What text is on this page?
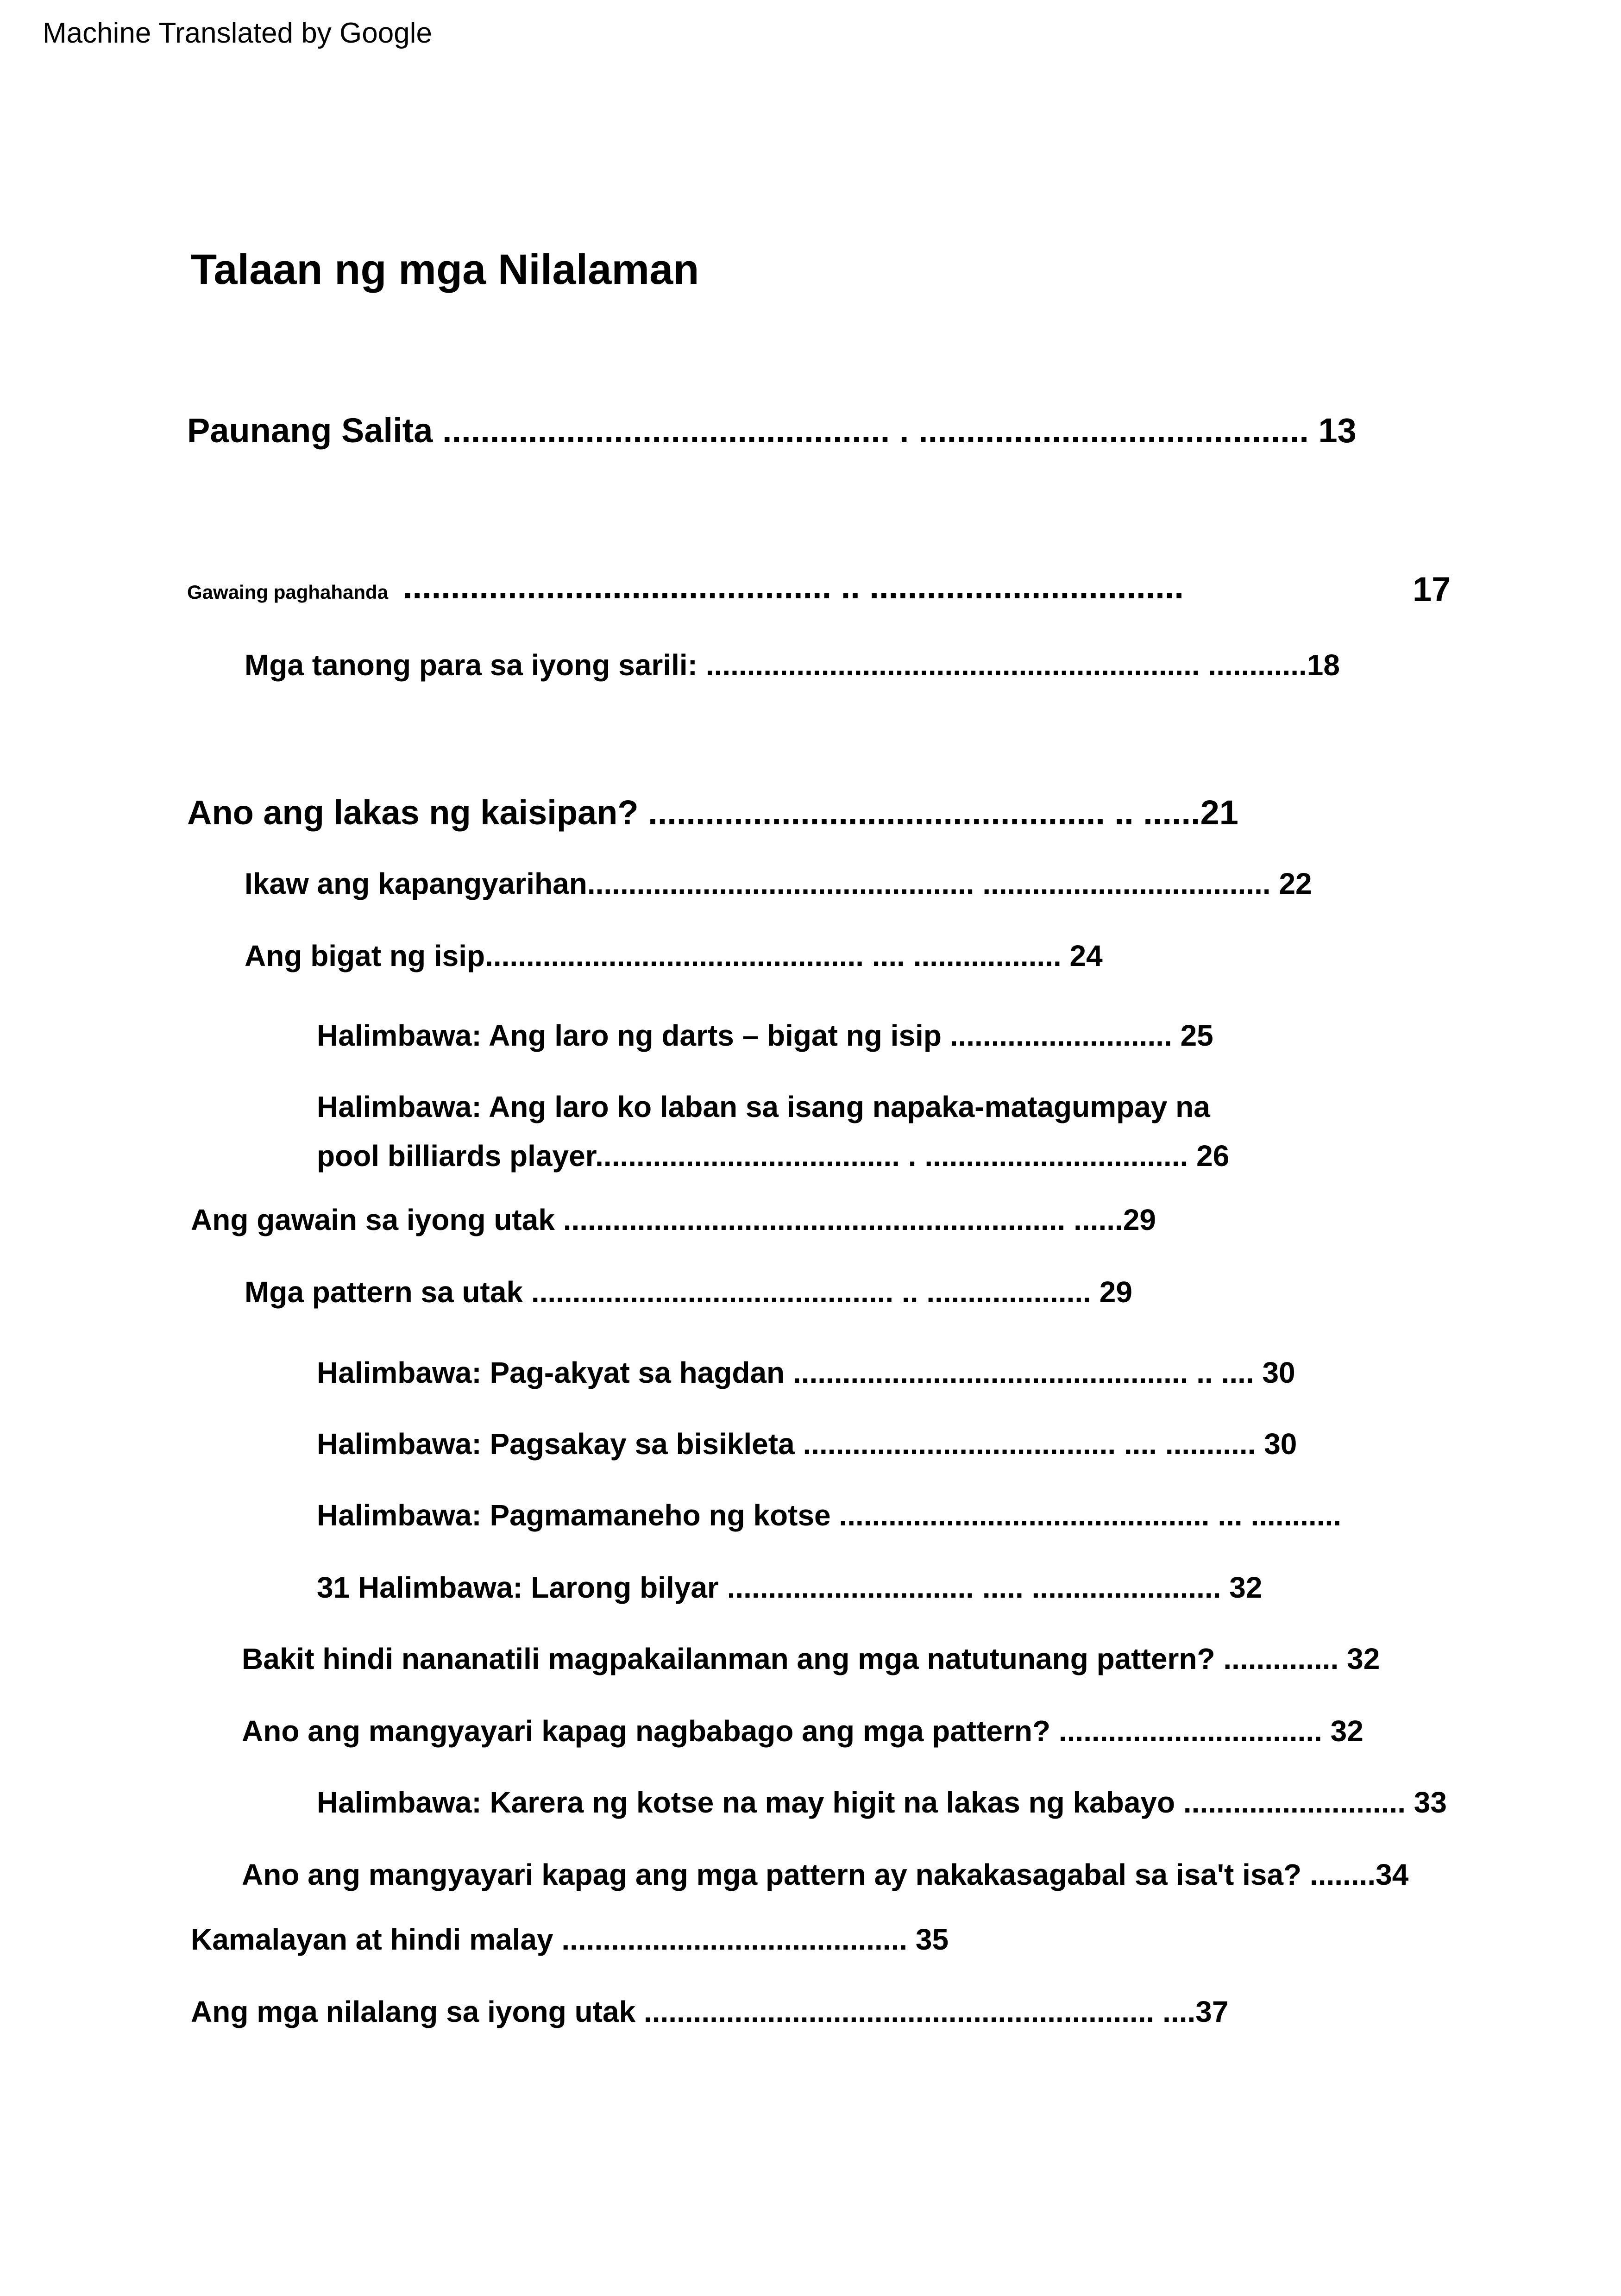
Machine Translated by Google
Talaan ng mga Nilalaman
Paunang Salita ............................................... . ......................................... 13
Gawaing paghahanda ............................................. .. .................................	17
Mga tanong para sa iyong sarili: ............................................................ ............18
Ano ang lakas ng kaisipan? ................................................ .. ......21
Ikaw ang kapangyarihan............................................... ................................... 22
Ang bigat ng isip.............................................. .... .................. 24
Halimbawa: Ang laro ng darts – bigat ng isip ........................... 25
Halimbawa: Ang laro ko laban sa isang napaka-matagumpay na
pool billiards player..................................... . ................................ 26
Ang gawain sa iyong utak ............................................................. ......29
Mga pattern sa utak ............................................ .. .................... 29
Halimbawa: Pag-akyat sa hagdan ................................................ .. .... 30
Halimbawa: Pagsakay sa bisikleta ...................................... .... ........... 30
Halimbawa: Pagmamaneho ng kotse ............................................. ... ...........
31 Halimbawa: Larong bilyar .............................. ..... ....................... 32
Bakit hindi nananatili magpakailanman ang mga natutunang pattern? .............. 32
Ano ang mangyayari kapag nagbabago ang mga pattern? ................................ 32
Halimbawa: Karera ng kotse na may higit na lakas ng kabayo ........................... 33
Ano ang mangyayari kapag ang mga pattern ay nakakasagabal sa isa't isa? ........34
Kamalayan at hindi malay .......................................... 35
Ang mga nilalang sa iyong utak .............................................................. ....37
